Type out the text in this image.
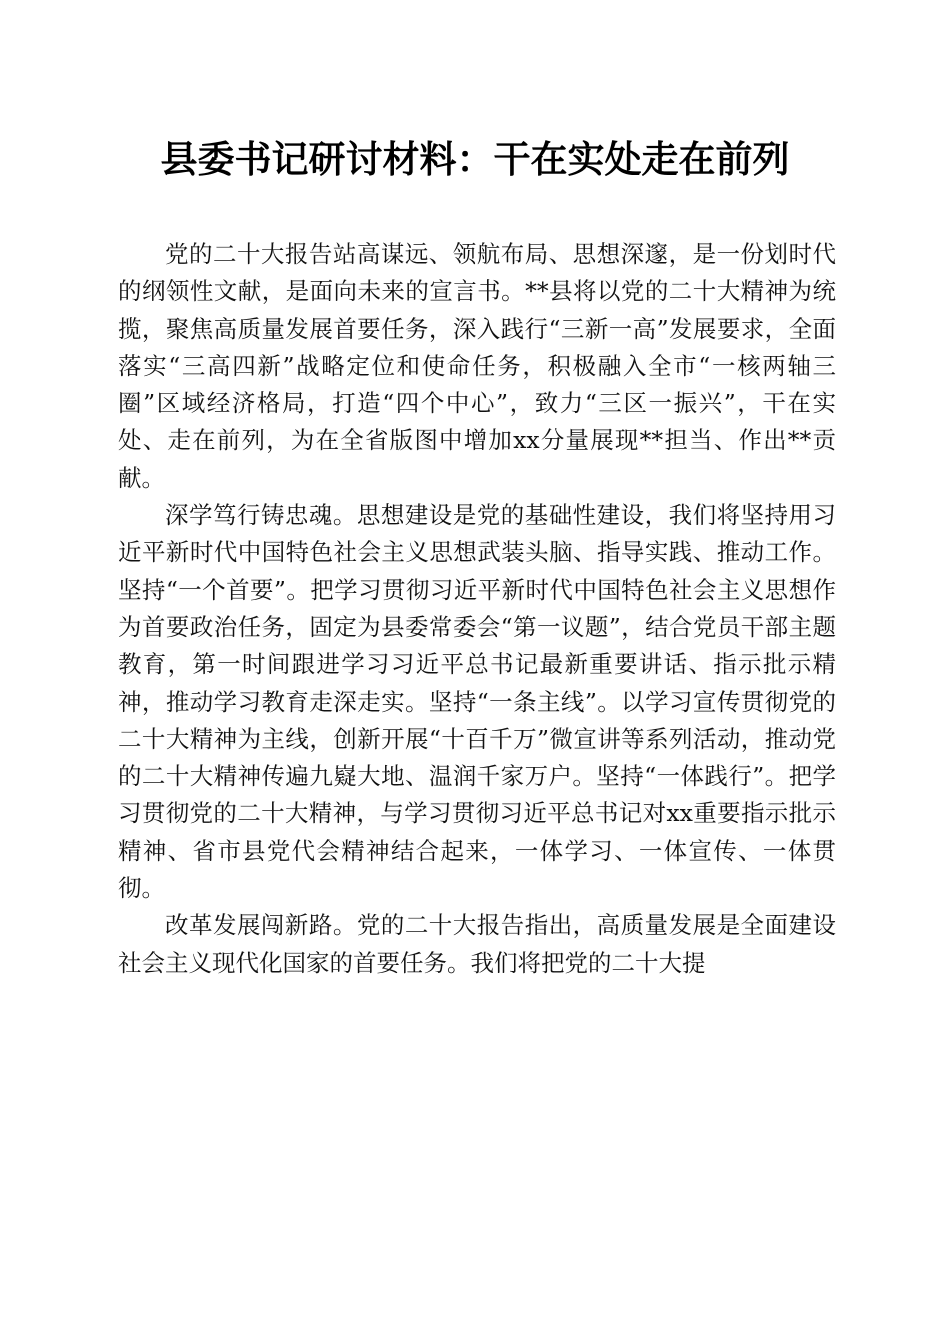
县委书记研讨材料：干在实处走在前列

党的二十大报告站高谋远、领航布局、思想深邃，是一份划时代的纲领性文献，是面向未来的宣言书。**县将以党的二十大精神为统揽，聚焦高质量发展首要任务，深入践行“三新一高”发展要求，全面落实“三高四新”战略定位和使命任务，积极融入全市“一核两轴三圈”区域经济格局，打造“四个中心”，致力“三区一振兴”，干在实处、走在前列，为在全省版图中增加xx分量展现**担当、作出**贡献。

深学笃行铸忠魂。思想建设是党的基础性建设，我们将坚持用习近平新时代中国特色社会主义思想武装头脑、指导实践、推动工作。坚持“一个首要”。把学习贯彻习近平新时代中国特色社会主义思想作为首要政治任务，固定为县委常委会“第一议题”，结合党员干部主题教育，第一时间跟进学习习近平总书记最新重要讲话、指示批示精神，推动学习教育走深走实。坚持“一条主线”。以学习宣传贯彻党的二十大精神为主线，创新开展“十百千万”微宣讲等系列活动，推动党的二十大精神传遍九嶷大地、温润千家万户。坚持“一体践行”。把学习贯彻党的二十大精神，与学习贯彻习近平总书记对xx重要指示批示精神、省市县党代会精神结合起来，一体学习、一体宣传、一体贯彻。

改革发展闯新路。党的二十大报告指出，高质量发展是全面建设社会主义现代化国家的首要任务。我们将把党的二十大提
